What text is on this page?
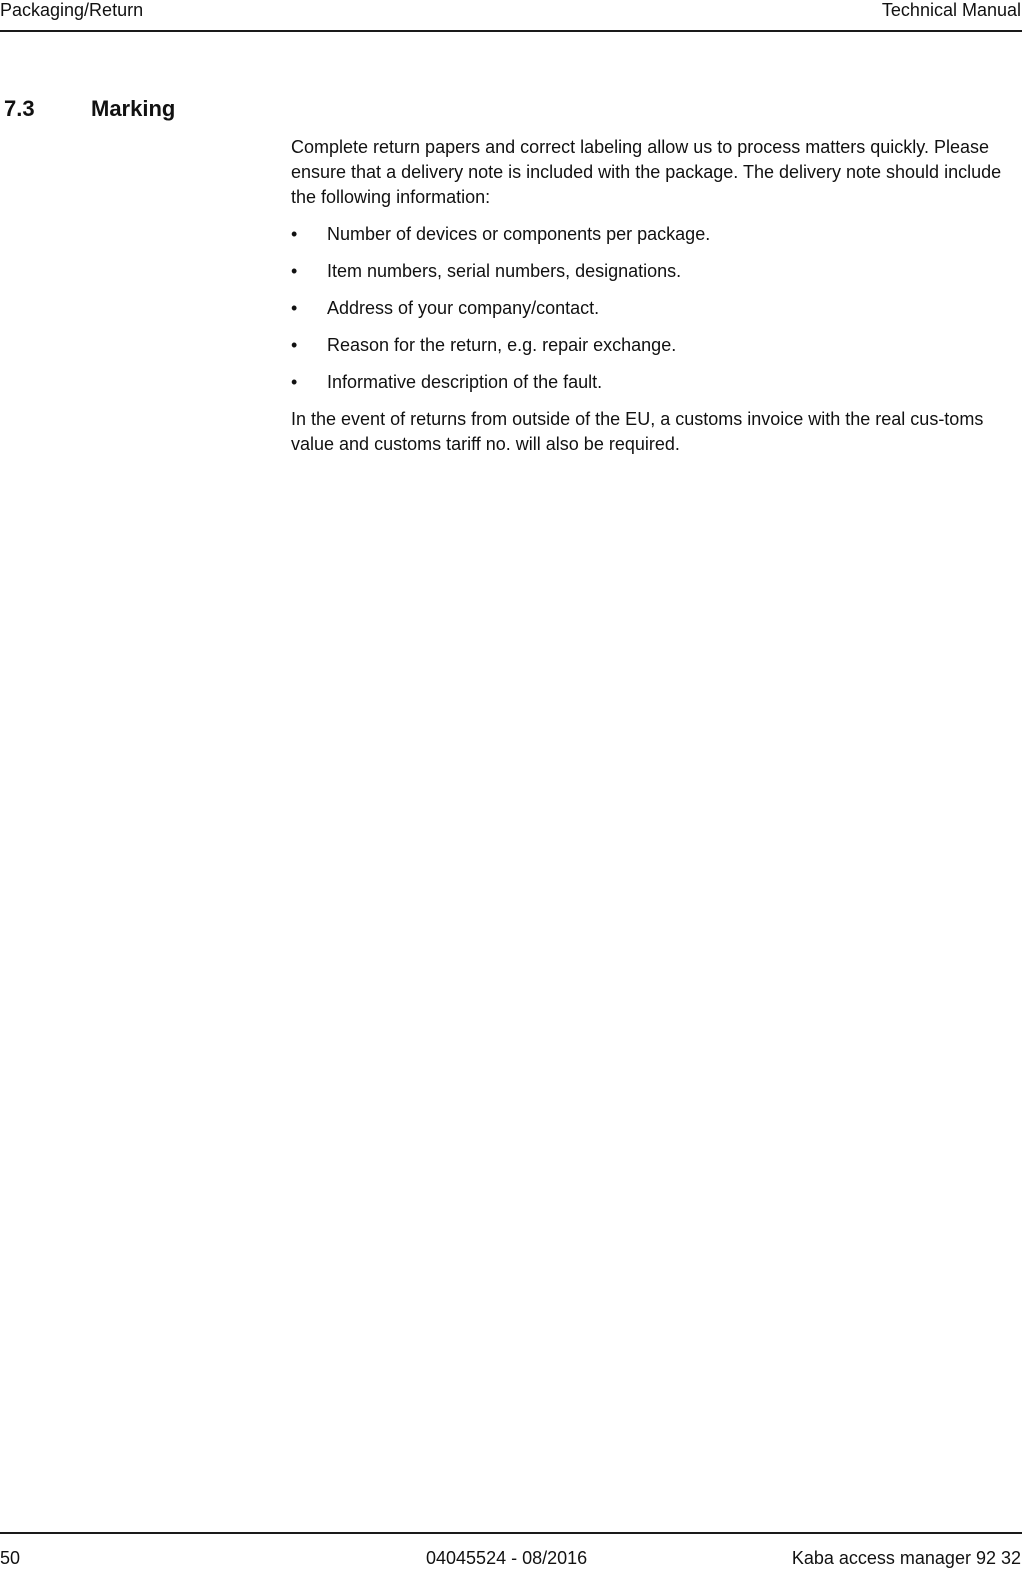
Packaging/Return	Technical Manual
7.3	Marking

Complete return papers and correct labeling allow us to process matters quickly. Please ensure that a delivery note is included with the package. The delivery note should include the following information:

•	Number of devices or components per package.
•	Item numbers, serial numbers, designations.
•	Address of your company/contact.
•	Reason for the return, e.g. repair exchange.
•	Informative description of the fault.

In the event of returns from outside of the EU, a customs invoice with the real cus-toms value and customs tariff no. will also be required.

50	04045524 - 08/2016	Kaba access manager 92 32
